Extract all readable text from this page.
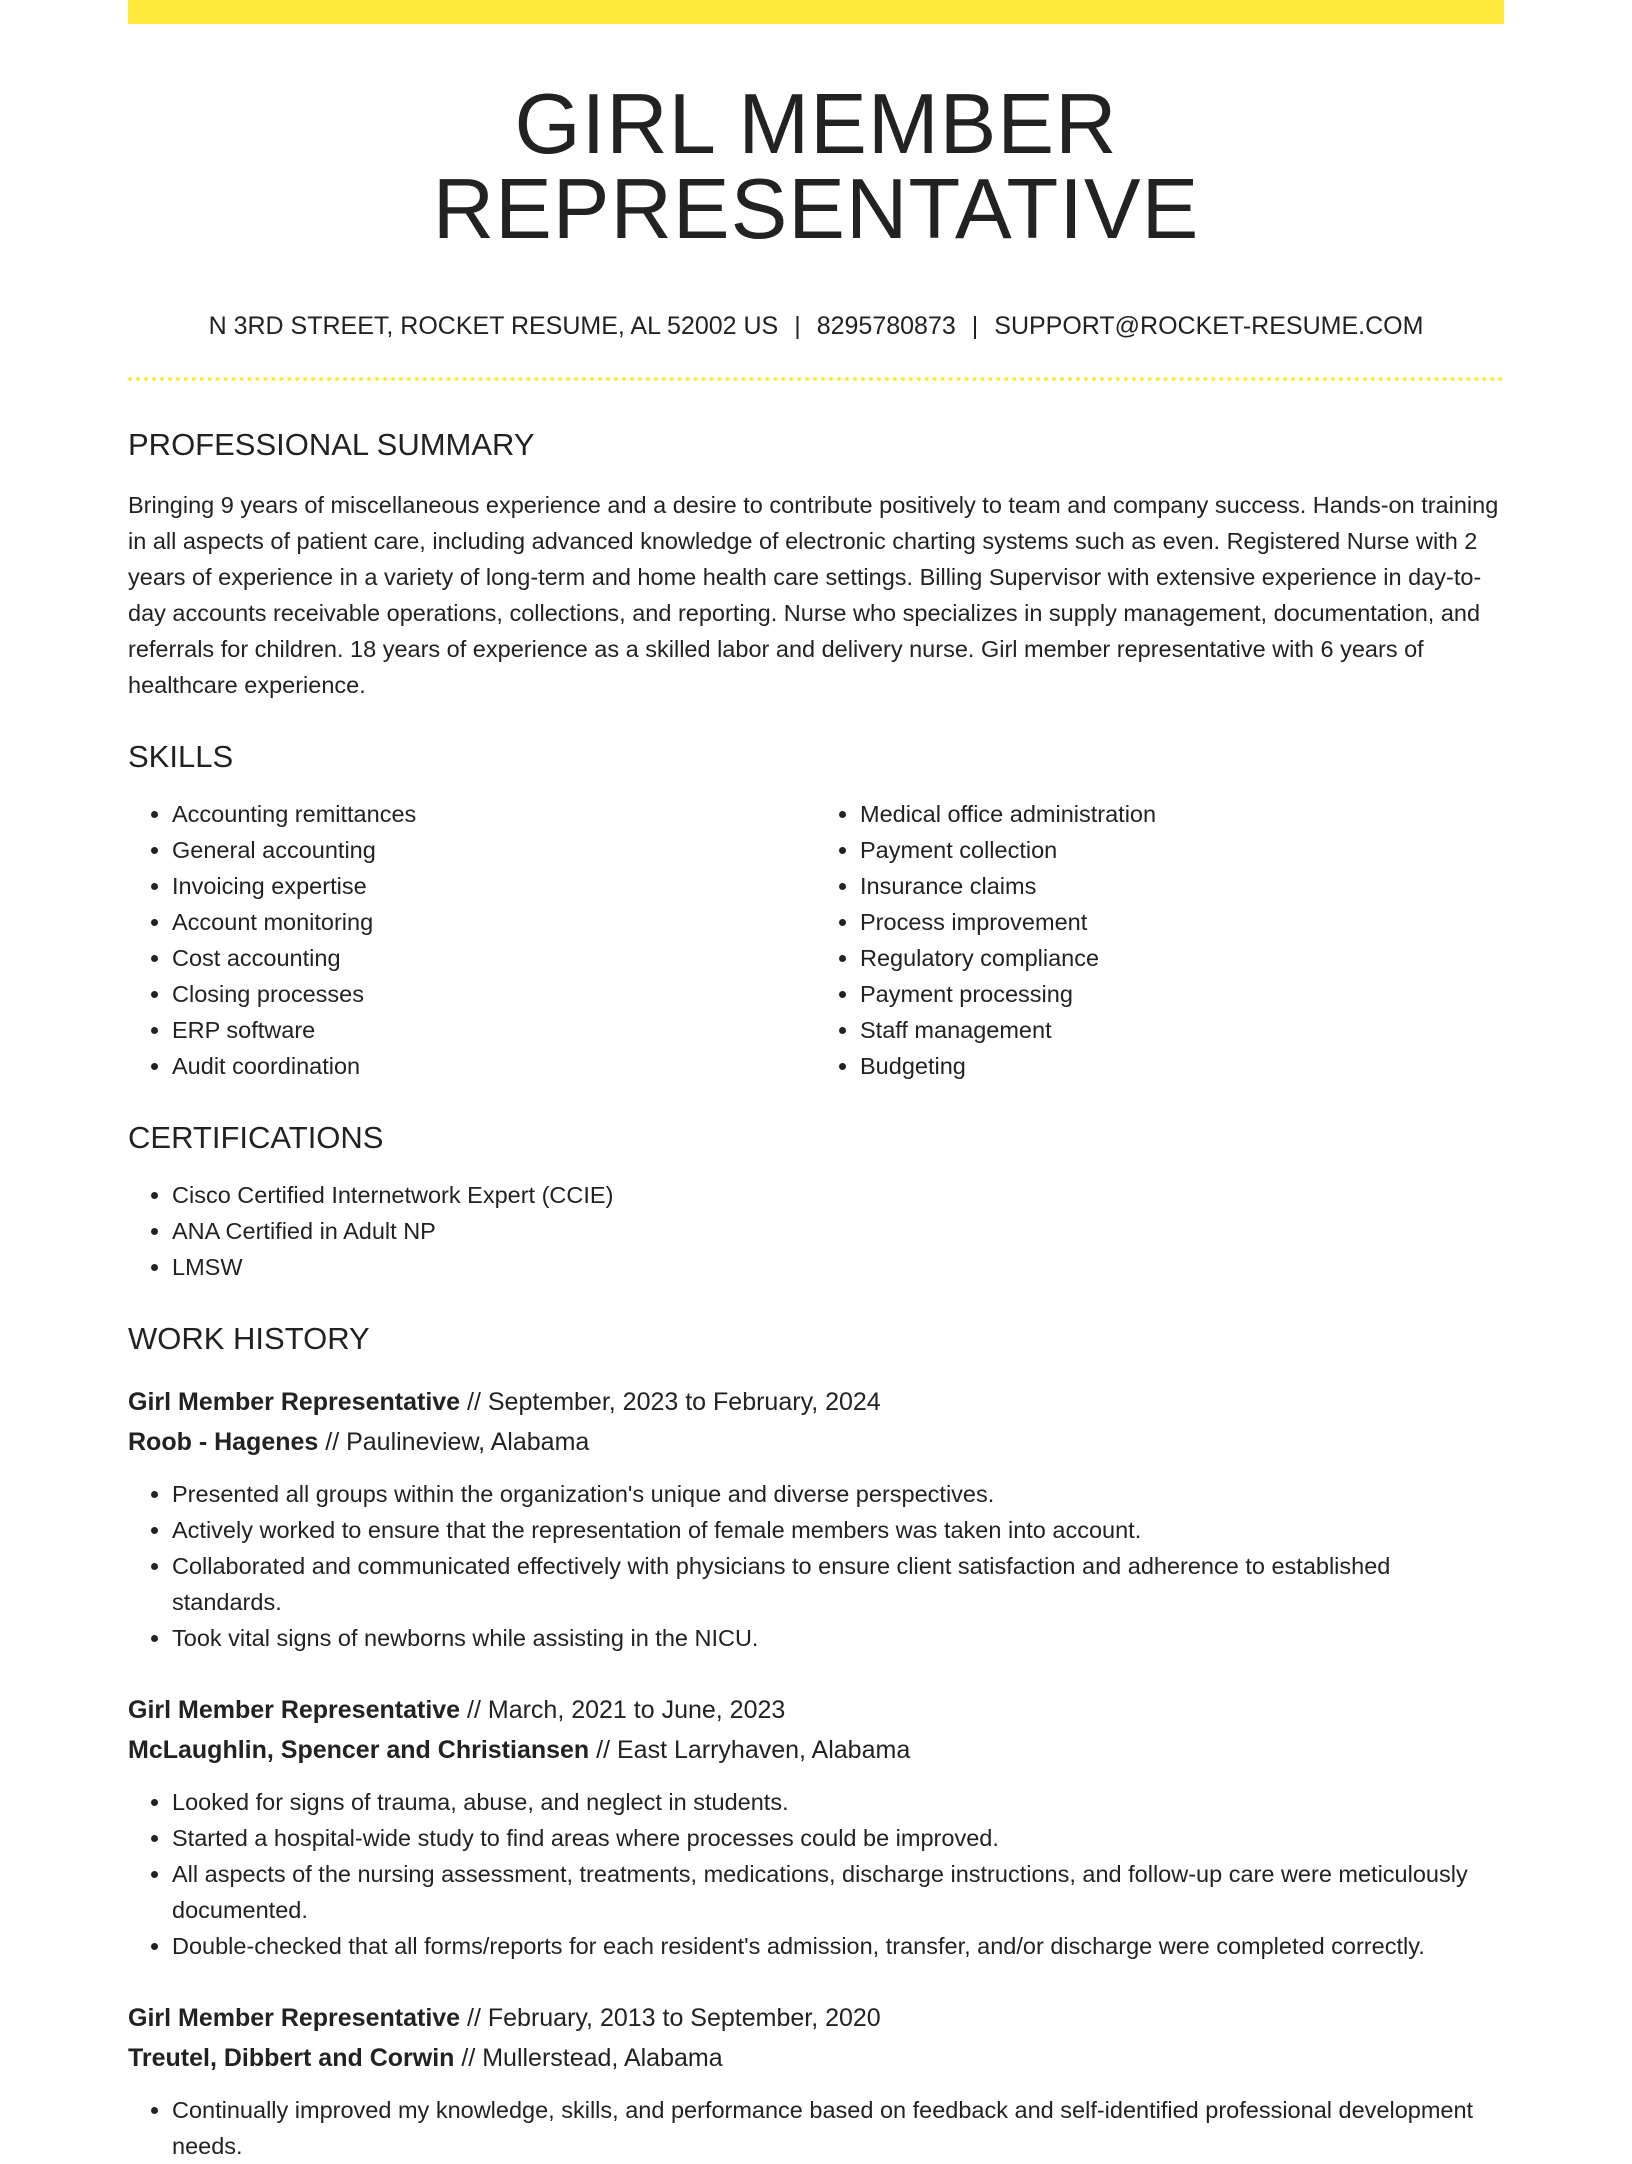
GIRL MEMBER REPRESENTATIVE
N 3RD STREET, ROCKET RESUME, AL 52002 US | 8295780873 | SUPPORT@ROCKET-RESUME.COM
PROFESSIONAL SUMMARY

Bringing 9 years of miscellaneous experience and a desire to contribute positively to team and company success. Hands-on training in all aspects of patient care, including advanced knowledge of electronic charting systems such as even. Registered Nurse with 2 years of experience in a variety of long-term and home health care settings. Billing Supervisor with extensive experience in day-to-day accounts receivable operations, collections, and reporting. Nurse who specializes in supply management, documentation, and referrals for children. 18 years of experience as a skilled labor and delivery nurse. Girl member representative with 6 years of healthcare experience.

SKILLS
• Accounting remittances
• General accounting
• Invoicing expertise
• Account monitoring
• Cost accounting
• Closing processes
• ERP software
• Audit coordination
• Medical office administration
• Payment collection
• Insurance claims
• Process improvement
• Regulatory compliance
• Payment processing
• Staff management
• Budgeting
CERTIFICATIONS
• Cisco Certified Internetwork Expert (CCIE)
• ANA Certified in Adult NP
• LMSW
WORK HISTORY
Girl Member Representative // September, 2023 to February, 2024
Roob - Hagenes // Paulineview, Alabama
• Presented all groups within the organization's unique and diverse perspectives.
• Actively worked to ensure that the representation of female members was taken into account.
• Collaborated and communicated effectively with physicians to ensure client satisfaction and adherence to established standards.
• Took vital signs of newborns while assisting in the NICU.
Girl Member Representative // March, 2021 to June, 2023
McLaughlin, Spencer and Christiansen // East Larryhaven, Alabama
• Looked for signs of trauma, abuse, and neglect in students.
• Started a hospital-wide study to find areas where processes could be improved.
• All aspects of the nursing assessment, treatments, medications, discharge instructions, and follow-up care were meticulously documented.
• Double-checked that all forms/reports for each resident's admission, transfer, and/or discharge were completed correctly.
Girl Member Representative // February, 2013 to September, 2020
Treutel, Dibbert and Corwin // Mullerstead, Alabama
• Continually improved my knowledge, skills, and performance based on feedback and self-identified professional development needs.
